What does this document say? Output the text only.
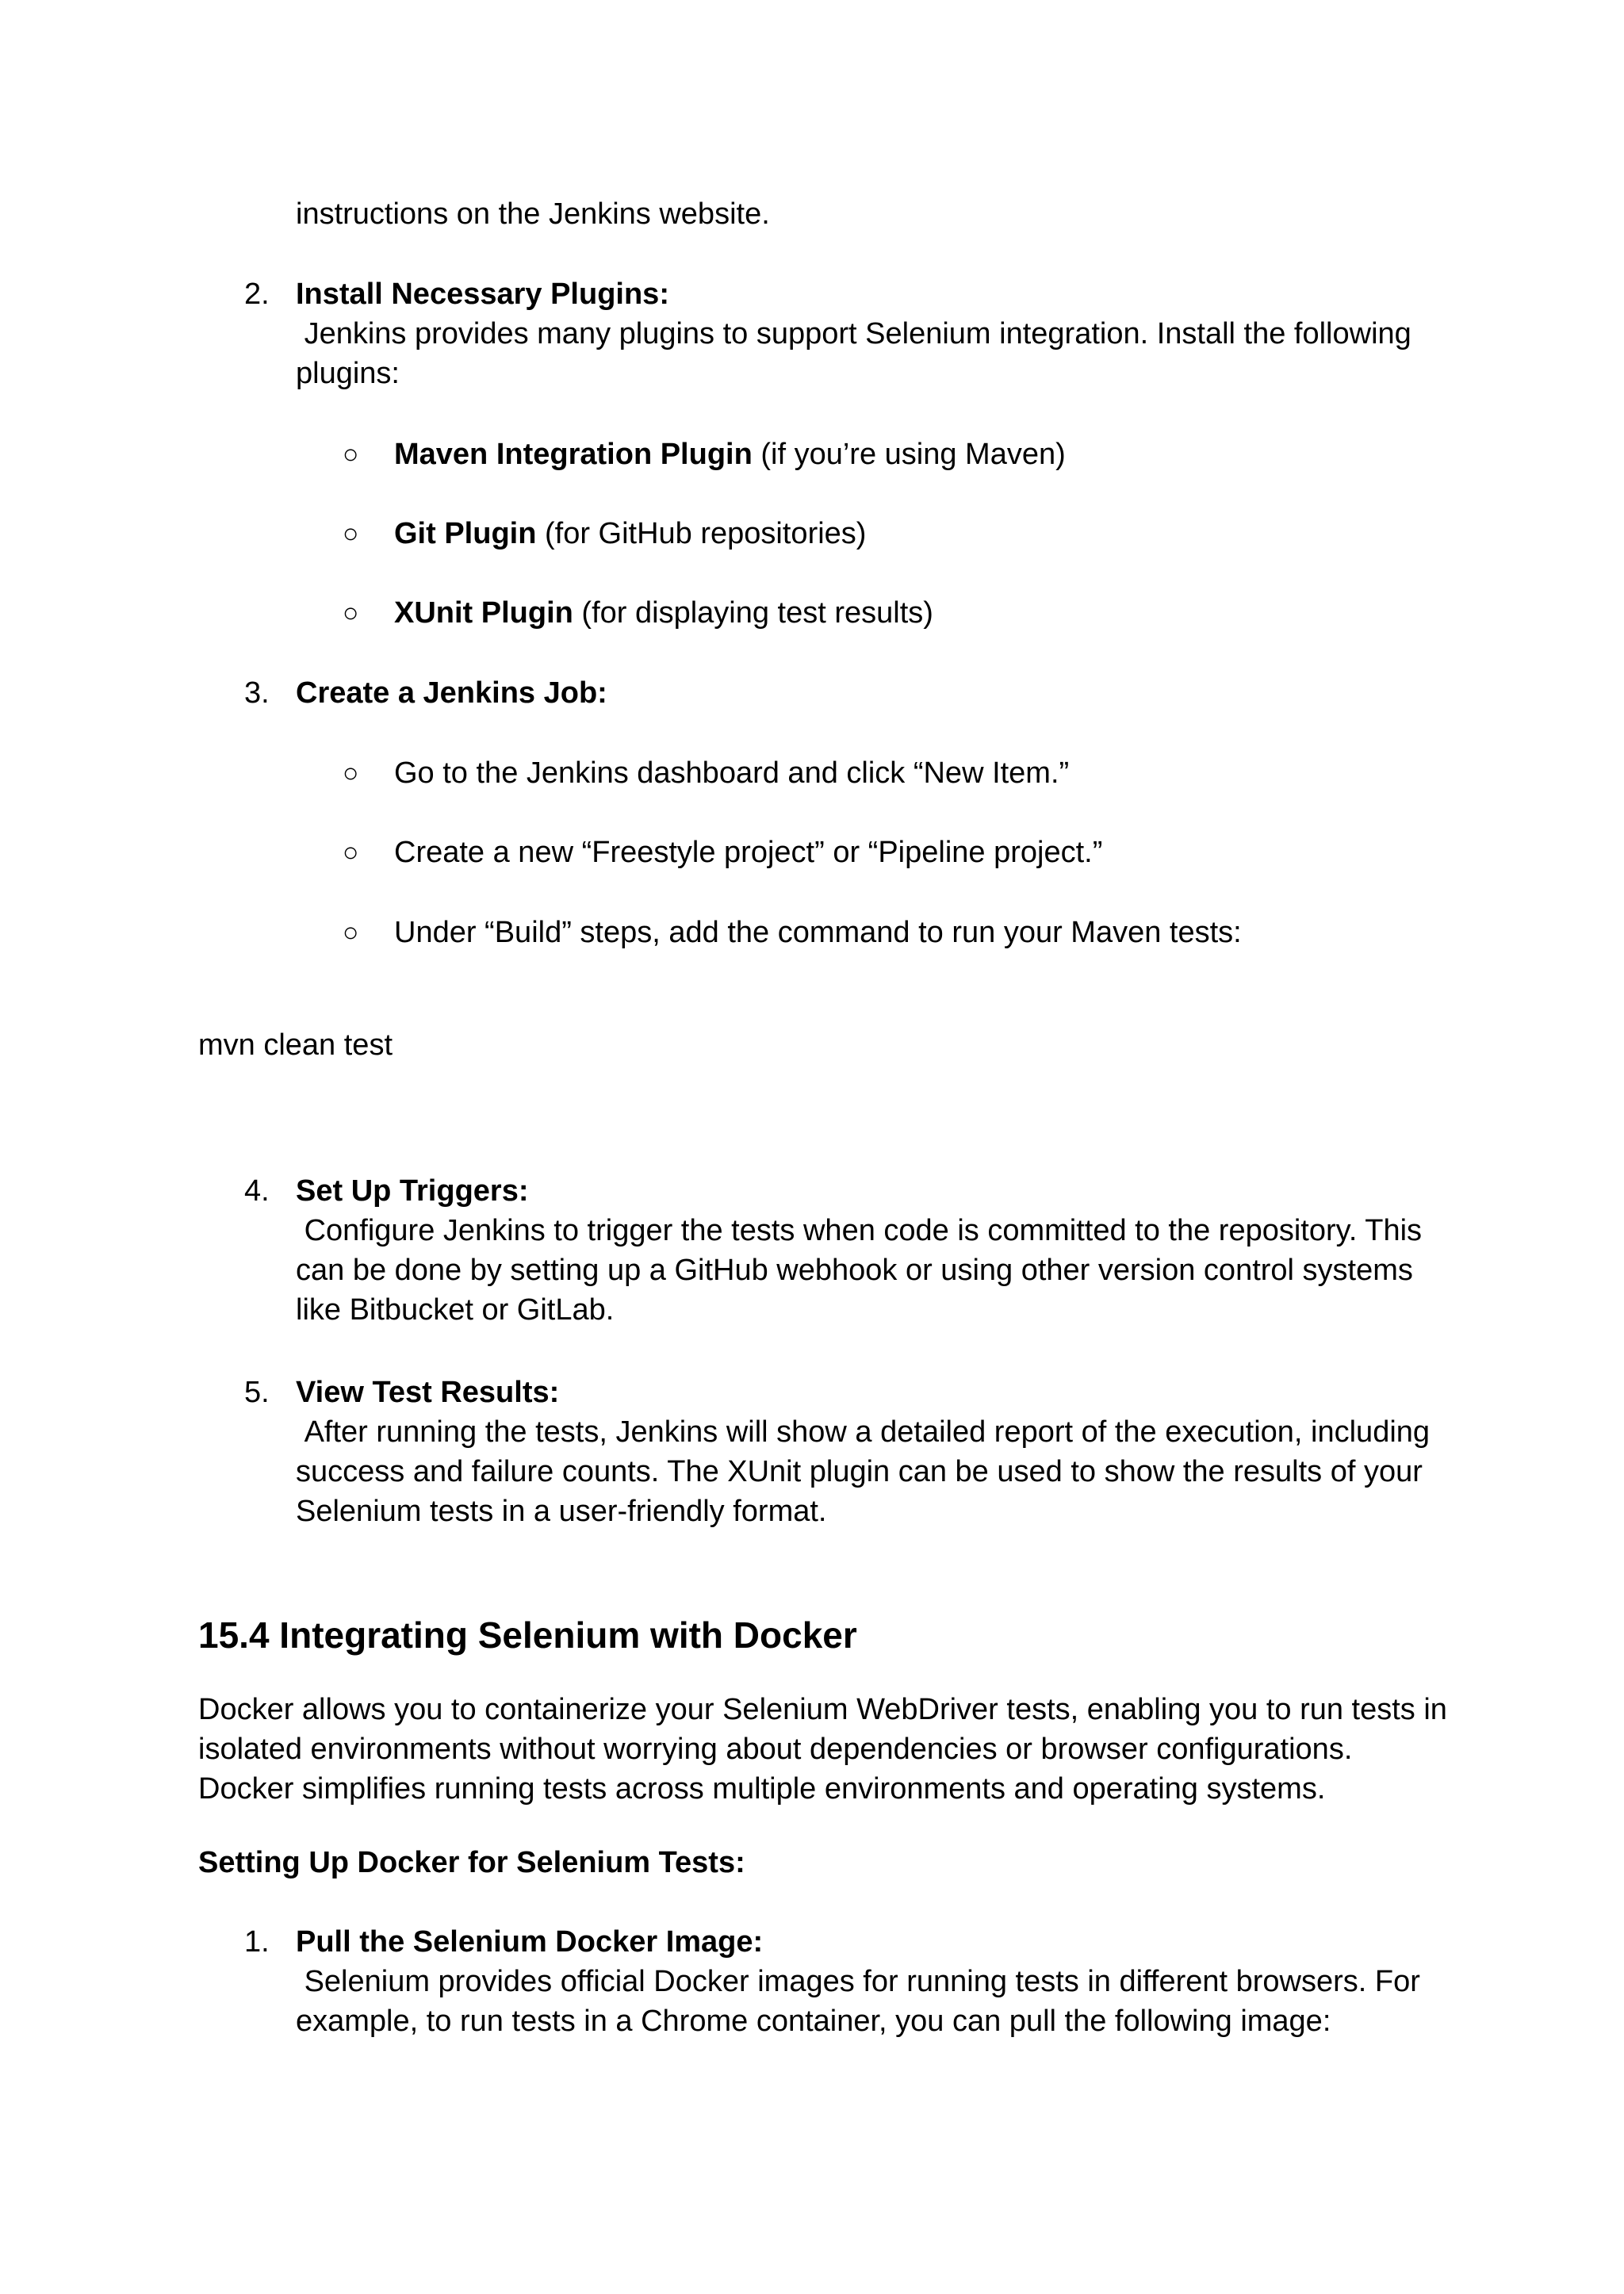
instructions on the Jenkins website.
2. Install Necessary Plugins:
Jenkins provides many plugins to support Selenium integration. Install the following plugins:
○ Maven Integration Plugin (if you’re using Maven)
○ Git Plugin (for GitHub repositories)
○ XUnit Plugin (for displaying test results)
3. Create a Jenkins Job:
○ Go to the Jenkins dashboard and click “New Item.”
○ Create a new “Freestyle project” or “Pipeline project.”
○ Under “Build” steps, add the command to run your Maven tests:
mvn clean test
4. Set Up Triggers:
Configure Jenkins to trigger the tests when code is committed to the repository. This can be done by setting up a GitHub webhook or using other version control systems like Bitbucket or GitLab.
5. View Test Results:
After running the tests, Jenkins will show a detailed report of the execution, including success and failure counts. The XUnit plugin can be used to show the results of your Selenium tests in a user-friendly format.
15.4 Integrating Selenium with Docker
Docker allows you to containerize your Selenium WebDriver tests, enabling you to run tests in isolated environments without worrying about dependencies or browser configurations. Docker simplifies running tests across multiple environments and operating systems.
Setting Up Docker for Selenium Tests:
1. Pull the Selenium Docker Image:
Selenium provides official Docker images for running tests in different browsers. For example, to run tests in a Chrome container, you can pull the following image:
